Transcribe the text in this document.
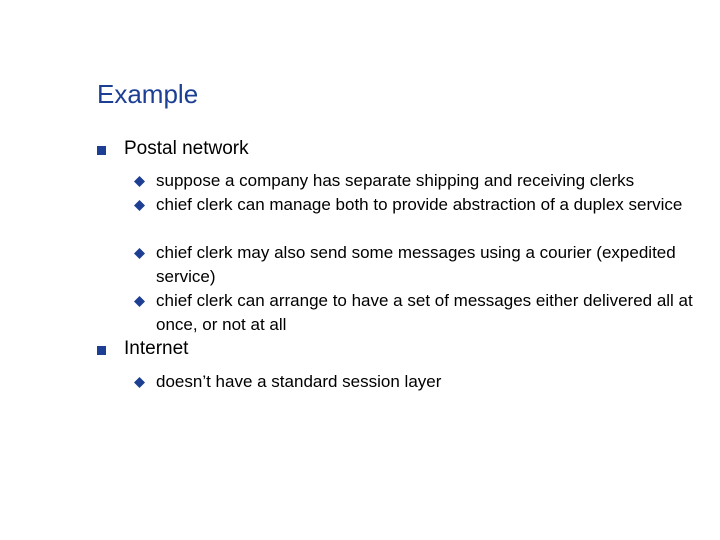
Example
Postal network
suppose a company has separate shipping and receiving clerks
chief clerk can manage both to provide abstraction of a duplex service
chief clerk may also send some messages using a courier (expedited service)
chief clerk can arrange to have a set of messages either delivered all at once, or not at all
Internet
doesn’t have a standard session layer
